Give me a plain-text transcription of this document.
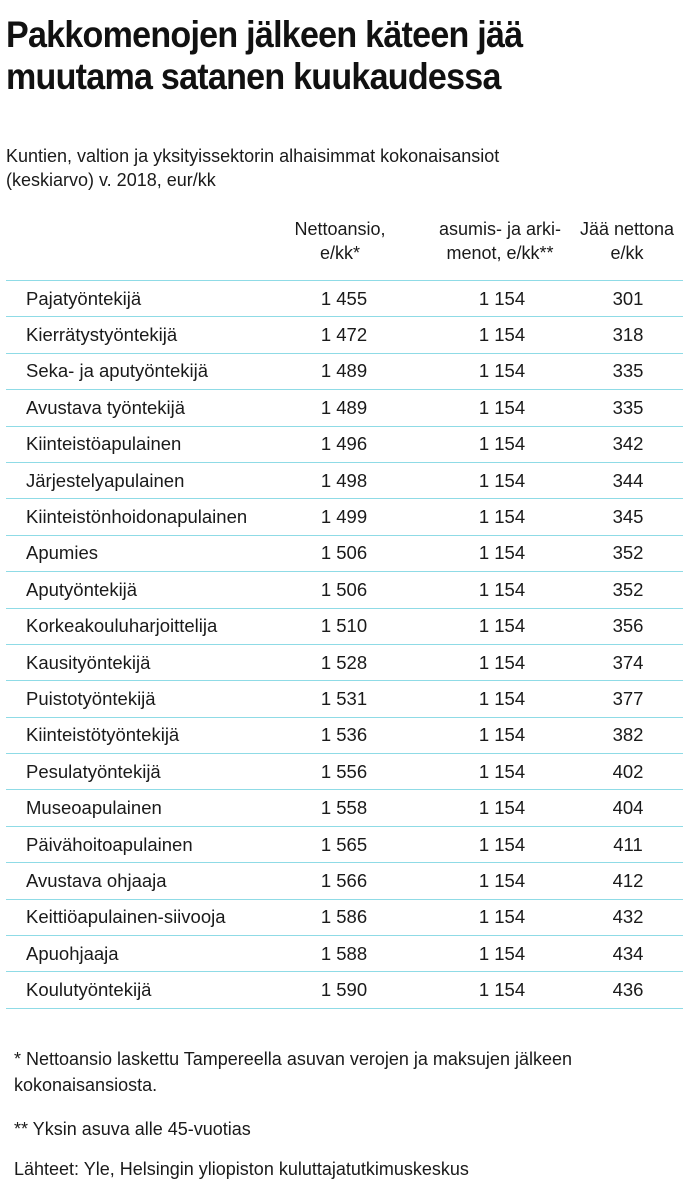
Pakkomenojen jälkeen käteen jää
muutama satanen kuukaudessa

Kuntien, valtion ja yksityissektorin alhaisimmat kokonaisansiot
(keskiarvo) v. 2018, eur/kk

Nettoansio,
e/kk*
asumis- ja arki-
menot, e/kk**
Jää nettona
e/kk
Pajatyöntekijä	1 455	1 154	301
Kierrätystyöntekijä	1 472	1 154	318
Seka- ja aputyöntekijä	1 489	1 154	335
Avustava työntekijä	1 489	1 154	335
Kiinteistöapulainen	1 496	1 154	342
Järjestelyapulainen	1 498	1 154	344
Kiinteistönhoidonapulainen	1 499	1 154	345
Apumies	1 506	1 154	352
Aputyöntekijä	1 506	1 154	352
Korkeakouluharjoittelija	1 510	1 154	356
Kausityöntekijä	1 528	1 154	374
Puistotyöntekijä	1 531	1 154	377
Kiinteistötyöntekijä	1 536	1 154	382
Pesulatyöntekijä	1 556	1 154	402
Museoapulainen	1 558	1 154	404
Päivähoitoapulainen	1 565	1 154	411
Avustava ohjaaja	1 566	1 154	412
Keittiöapulainen-siivooja	1 586	1 154	432
Apuohjaaja	1 588	1 154	434
Koulutyöntekijä	1 590	1 154	436

* Nettoansio laskettu Tampereella asuvan verojen ja maksujen jälkeen
kokonaisansiosta.

** Yksin asuva alle 45-vuotias

Lähteet: Yle, Helsingin yliopiston kuluttajatutkimuskeskus
